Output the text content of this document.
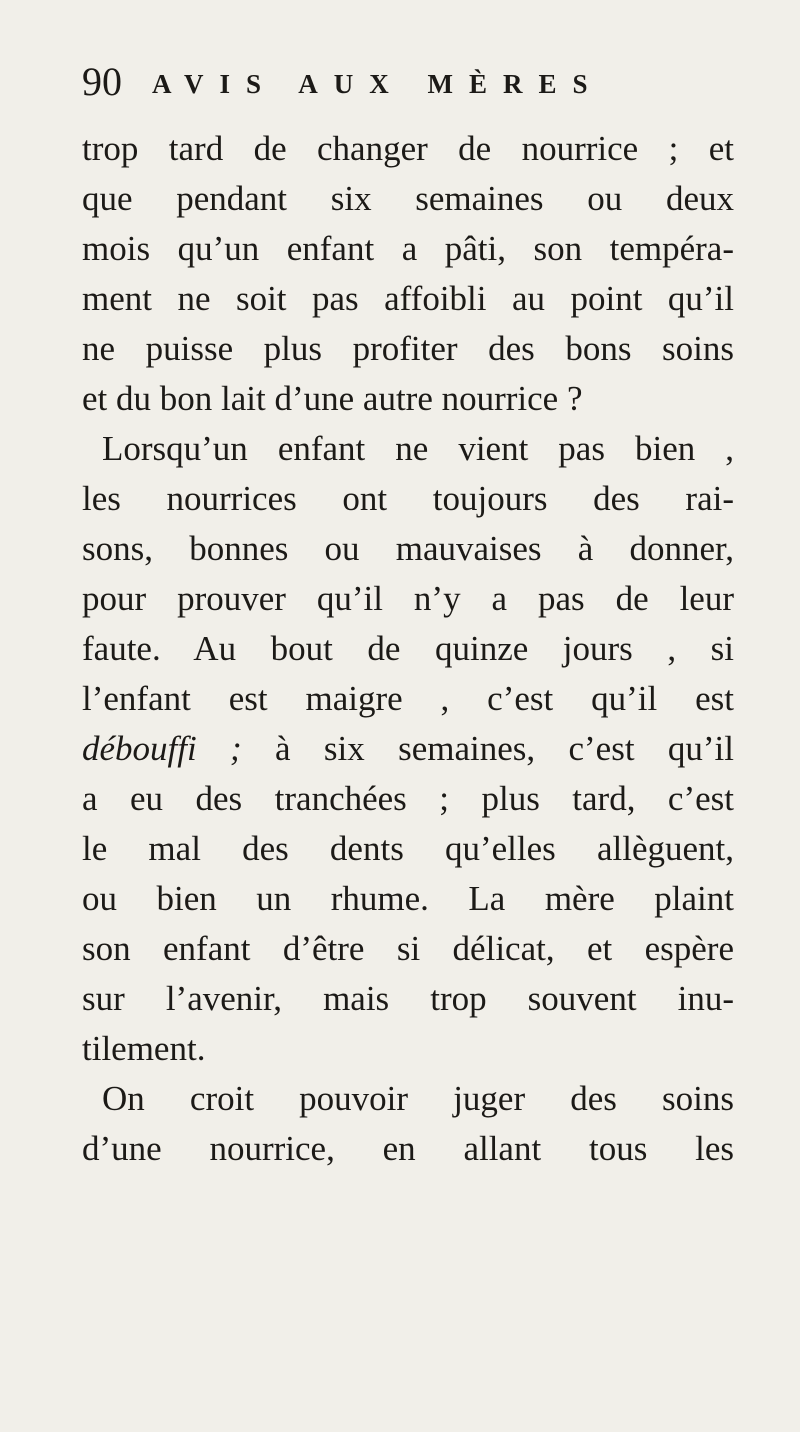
90 AVIS AUX MÈRES
trop tard de changer de nourrice ; et
que pendant six semaines ou deux
mois qu’un enfant a pâti, son tempéra-
ment ne soit pas affoibli au point qu’il
ne puisse plus profiter des bons soins
et du bon lait d’une autre nourrice ?
Lorsqu’un enfant ne vient pas bien ,
les nourrices ont toujours des rai-
sons, bonnes ou mauvaises à donner,
pour prouver qu’il n’y a pas de leur
faute. Au bout de quinze jours , si
l’enfant est maigre , c’est qu’il est
débouffi ; à six semaines, c’est qu’il
a eu des tranchées ; plus tard, c’est
le mal des dents qu’elles allèguent,
ou bien un rhume. La mère plaint
son enfant d’être si délicat, et espère
sur l’avenir, mais trop souvent inu-
tilement.
On croit pouvoir juger des soins
d’une nourrice, en allant tous les
